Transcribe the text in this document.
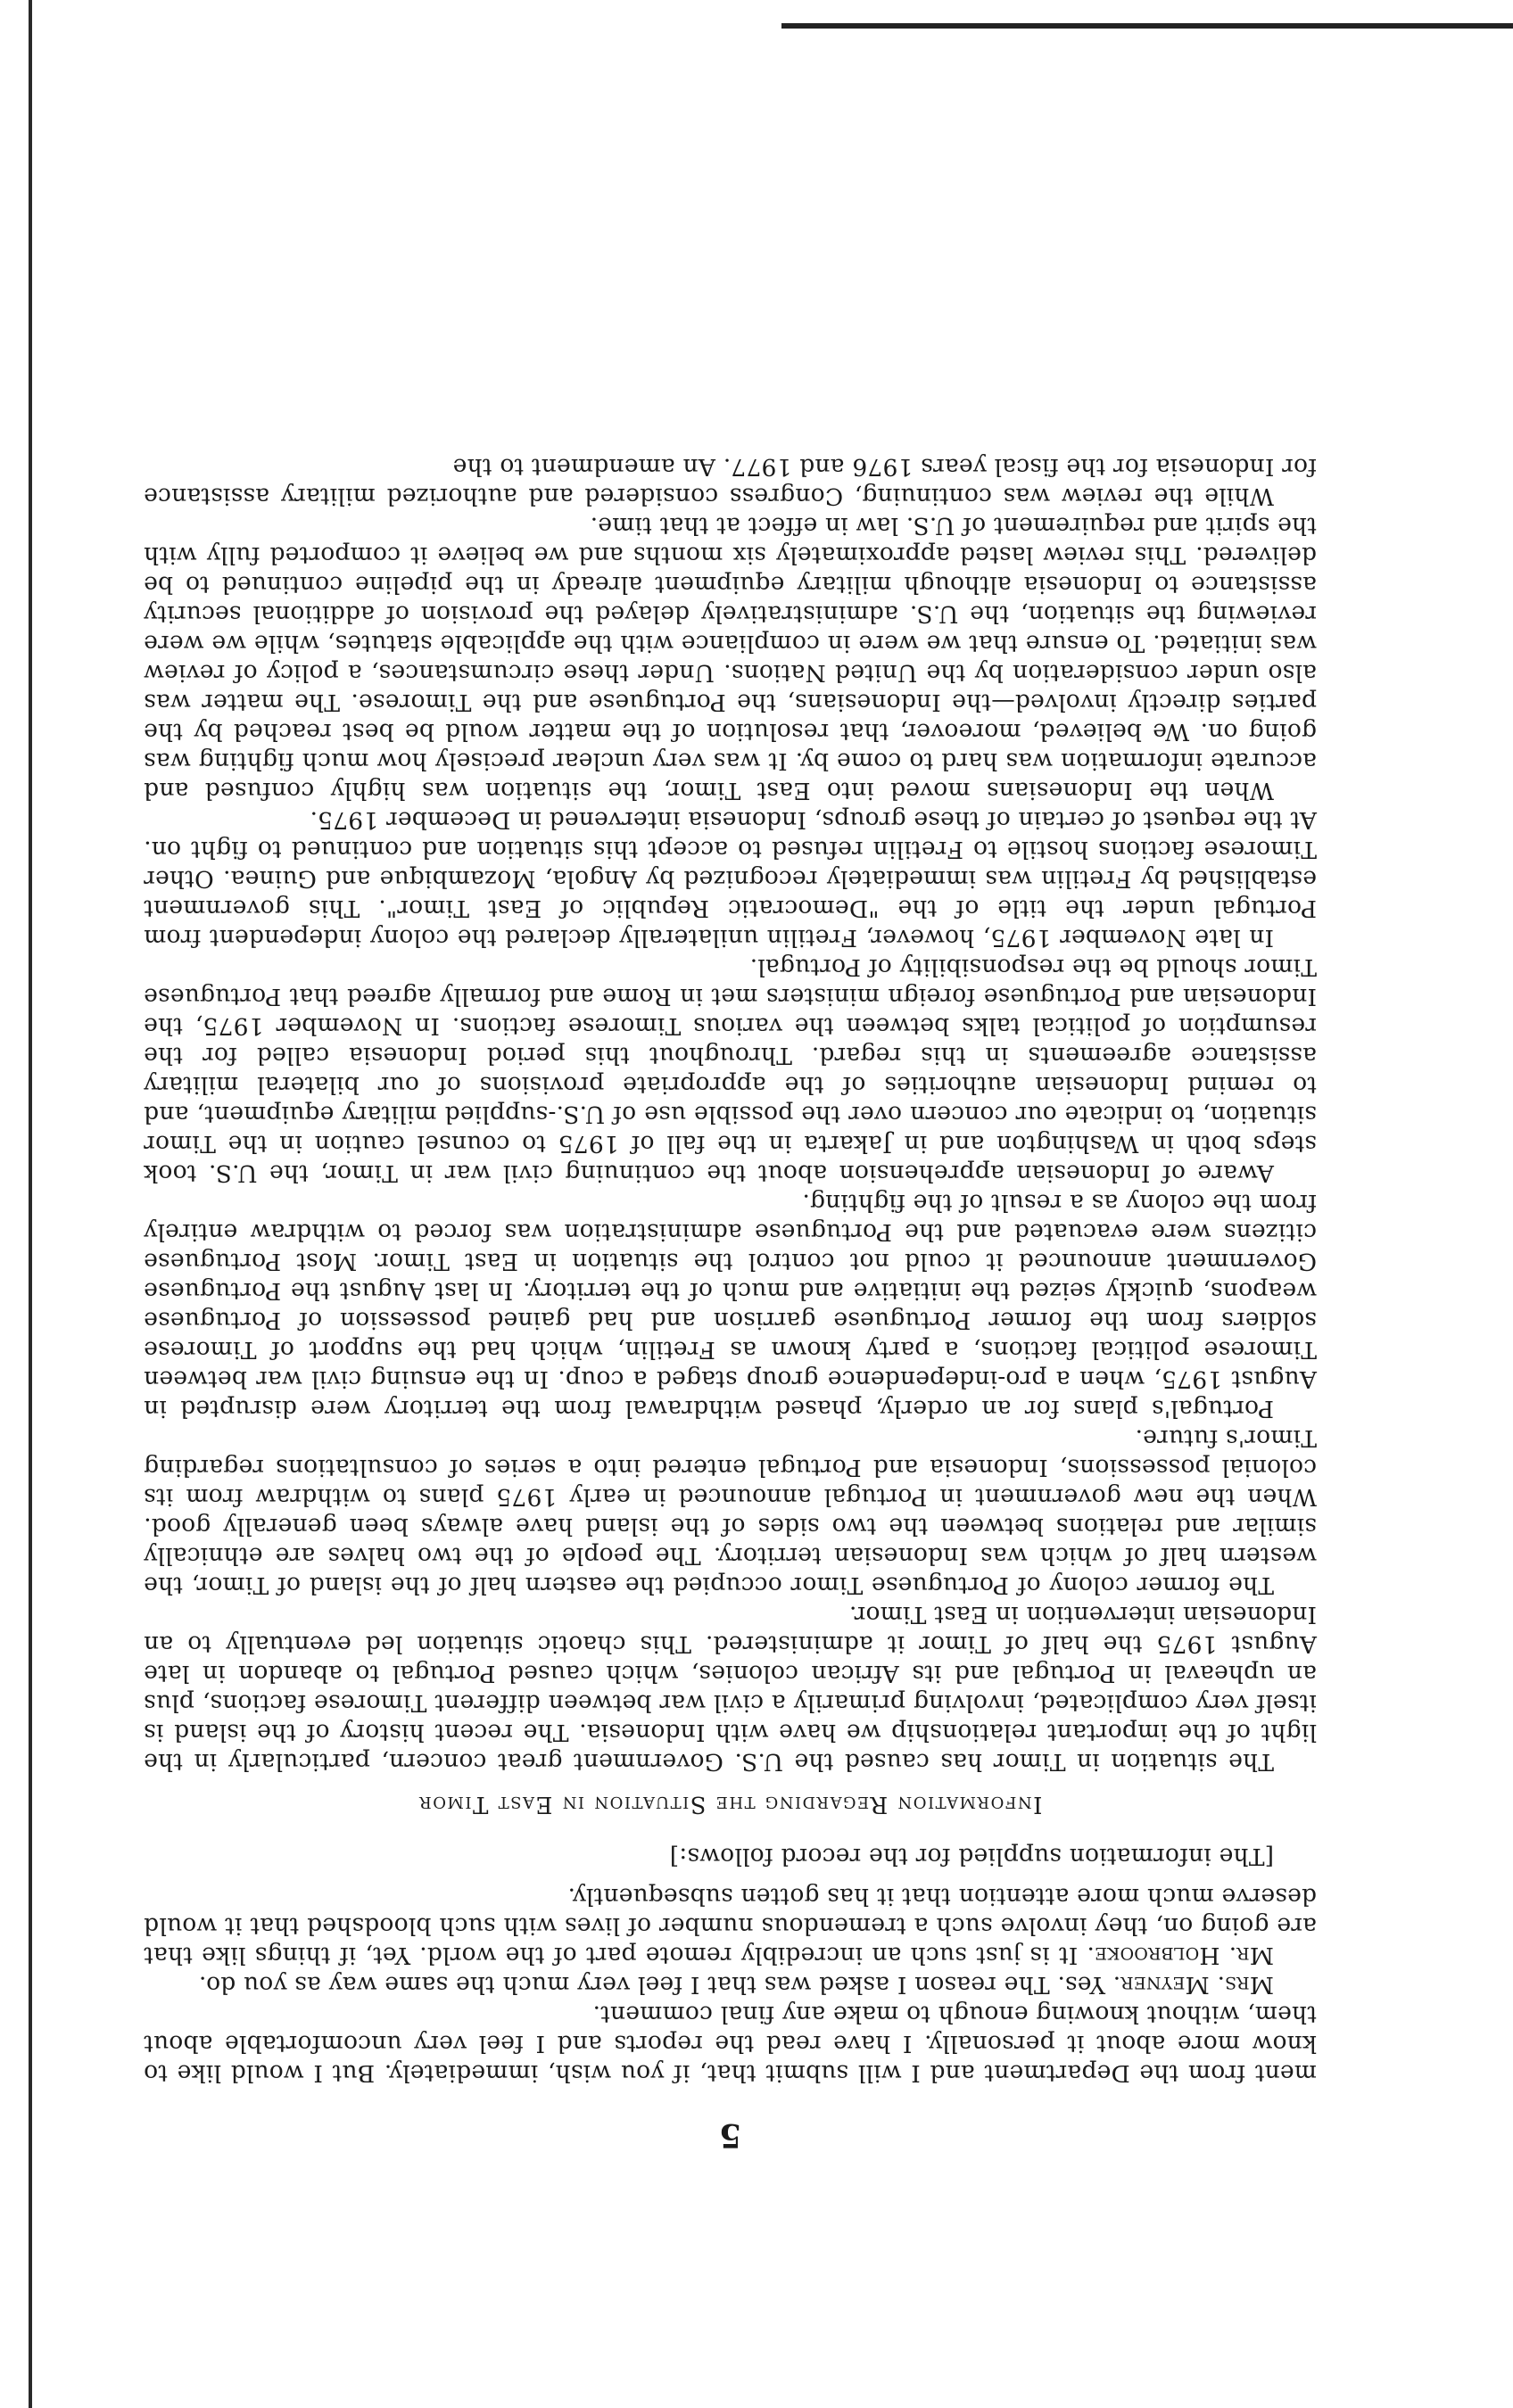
5

ment from the Department and I will submit that, if you wish, immediately. But I would like to know more about it personally. I have read the reports and I feel very uncomfortable about them, without knowing enough to make any final comment.

Mrs. Meyner. Yes. The reason I asked was that I feel very much the same way as you do.

Mr. Holbrooke. It is just such an incredibly remote part of the world. Yet, if things like that are going on, they involve such a tremendous number of lives with such bloodshed that it would deserve much more attention that it has gotten subsequently.

[The information supplied for the record follows:]

Information Regarding the Situation in East Timor

The situation in Timor has caused the U.S. Government great concern, particularly in the light of the important relationship we have with Indonesia. The recent history of the island is itself very complicated, involving primarily a civil war between different Timorese factions, plus an upheaval in Portugal and its African colonies, which caused Portugal to abandon in late August 1975 the half of Timor it administered. This chaotic situation led eventually to an Indonesian intervention in East Timor.

The former colony of Portuguese Timor occupied the eastern half of the island of Timor, the western half of which was Indonesian territory. The people of the two halves are ethnically similar and relations between the two sides of the island have always been generally good. When the new government in Portugal announced in early 1975 plans to withdraw from its colonial possessions, Indonesia and Portugal entered into a series of consultations regarding Timor's future.

Portugal's plans for an orderly, phased withdrawal from the territory were disrupted in August 1975, when a pro-independence group staged a coup. In the ensuing civil war between Timorese political factions, a party known as Fretilin, which had the support of Timorese soldiers from the former Portuguese garrison and had gained possession of Portuguese weapons, quickly seized the initiative and much of the territory. In last August the Portuguese Government announced it could not control the situation in East Timor. Most Portuguese citizens were evacuated and the Portuguese administration was forced to withdraw entirely from the colony as a result of the fighting.

Aware of Indonesian apprehension about the continuing civil war in Timor, the U.S. took steps both in Washington and in Jakarta in the fall of 1975 to counsel caution in the Timor situation, to indicate our concern over the possible use of U.S.-supplied military equipment, and to remind Indonesian authorities of the appropriate provisions of our bilateral military assistance agreements in this regard. Throughout this period Indonesia called for the resumption of political talks between the various Timorese factions. In November 1975, the Indonesian and Portuguese foreign ministers met in Rome and formally agreed that Portuguese Timor should be the responsibility of Portugal.

In late November 1975, however, Fretilin unilaterally declared the colony independent from Portugal under the title of the "Democratic Republic of East Timor". This government established by Fretilin was immediately recognized by Angola, Mozambique and Guinea. Other Timorese factions hostile to Fretilin refused to accept this situation and continued to fight on. At the request of certain of these groups, Indonesia intervened in December 1975.

When the Indonesians moved into East Timor, the situation was highly confused and accurate information was hard to come by. It was very unclear precisely how much fighting was going on. We believed, moreover, that resolution of the matter would be best reached by the parties directly involved—the Indonesians, the Portuguese and the Timorese. The matter was also under consideration by the United Nations. Under these circumstances, a policy of review was initiated. To ensure that we were in compliance with the applicable statutes, while we were reviewing the situation, the U.S. administratively delayed the provision of additional security assistance to Indonesia although military equipment already in the pipeline continued to be delivered. This review lasted approximately six months and we believe it comported fully with the spirit and requirement of U.S. law in effect at that time.

While the review was continuing, Congress considered and authorized military assistance for Indonesia for the fiscal years 1976 and 1977. An amendment to the
